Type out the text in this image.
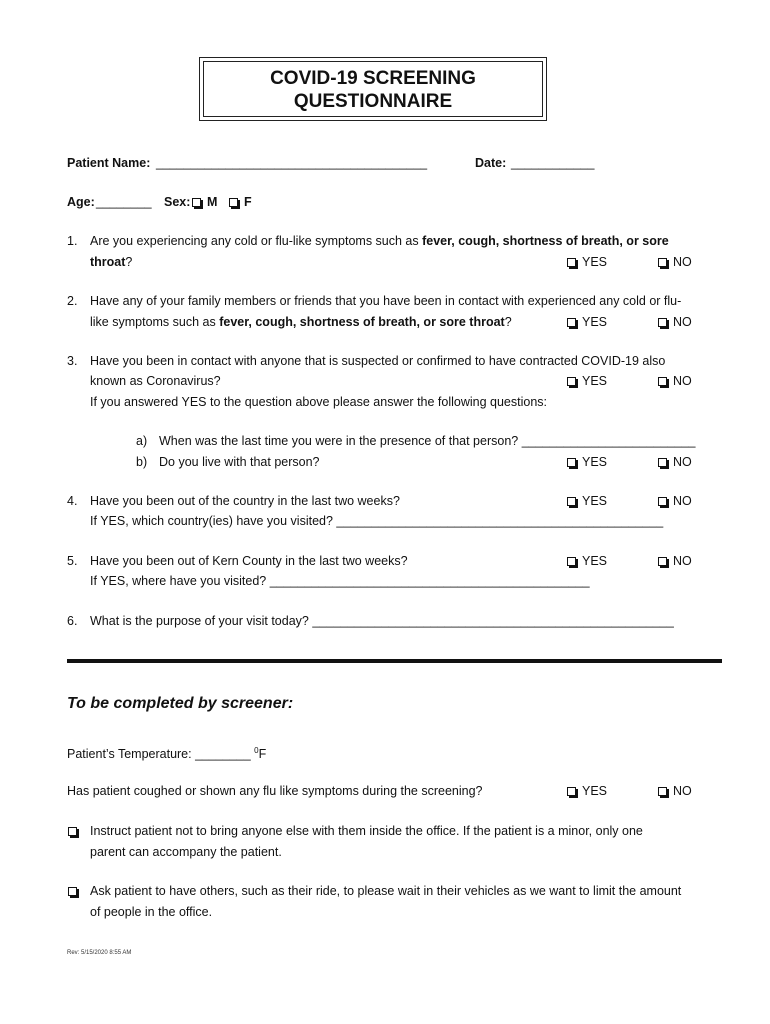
COVID-19 SCREENING
QUESTIONNAIRE
Patient Name: _______________________________________	Date: ____________
Age: ________ Sex:	M	F
1. Are you experiencing any cold or flu-like symptoms such as fever, cough, shortness of breath, or sore
throat?	YES	NO
2. Have any of your family members or friends that you have been in contact with experienced any cold or flu-
like symptoms such as fever, cough, shortness of breath, or sore throat?	YES	NO
3. Have you been in contact with anyone that is suspected or confirmed to have contracted COVID-19 also
known as Coronavirus?	YES	NO
If you answered YES to the question above please answer the following questions:
a) When was the last time you were in the presence of that person? _________________________
b) Do you live with that person?	YES	NO
4. Have you been out of the country in the last two weeks?	YES	NO
If YES, which country(ies) have you visited? _______________________________________________
5. Have you been out of Kern County in the last two weeks?	YES	NO
If YES, where have you visited? ______________________________________________
6. What is the purpose of your visit today? ____________________________________________________
To be completed by screener:
Patient’s Temperature: ________ $^0$F
Has patient coughed or shown any flu like symptoms during the screening?	YES	NO
Instruct patient not to bring anyone else with them inside the office. If the patient is a minor, only one
parent can accompany the patient.
Ask patient to have others, such as their ride, to please wait in their vehicles as we want to limit the amount
of people in the office.
Rev: 5/15/2020 8:55 AM
